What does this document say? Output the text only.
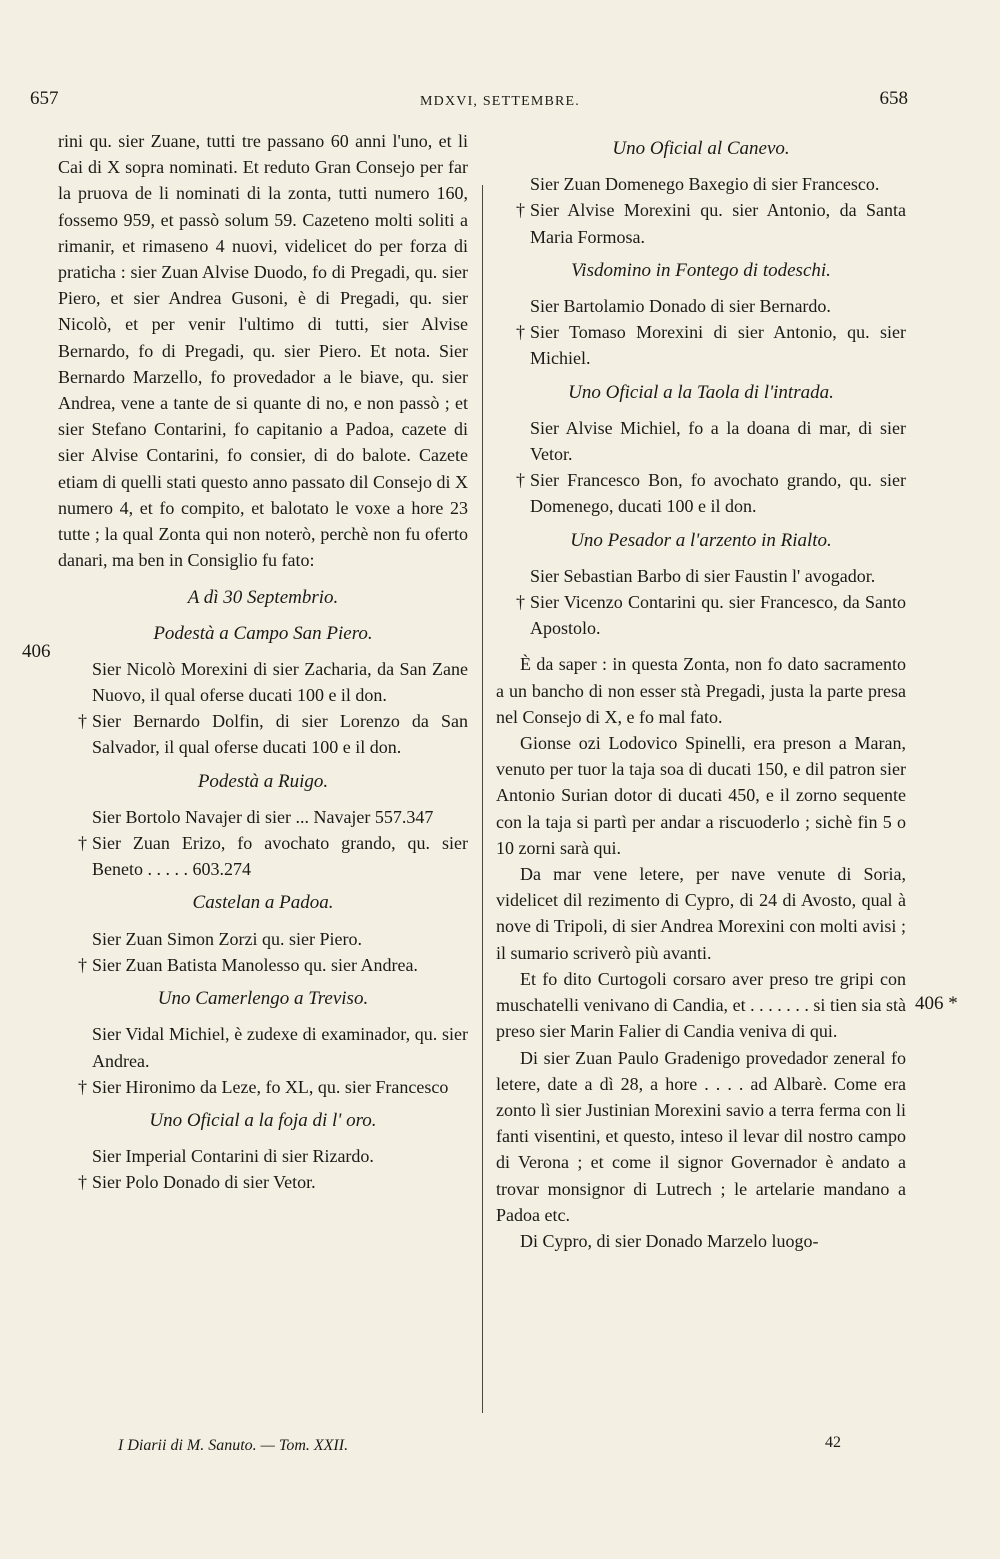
657	MDXVI, SETTEMBRE.	658
406
406 *

rini qu. sier Zuane, tutti tre passano 60 anni l'uno, et li Cai di X sopra nominati. Et reduto Gran Consejo per far la pruova de li nominati di la zonta, tutti numero 160, fossemo 959, et passò solum 59. Cazeteno molti soliti a rimanir, et rimaseno 4 nuovi, videlicet do per forza di praticha : sier Zuan Alvise Duodo, fo di Pregadi, qu. sier Piero, et sier Andrea Gusoni, è di Pregadi, qu. sier Nicolò, et per venir l'ultimo di tutti, sier Alvise Bernardo, fo di Pregadi, qu. sier Piero. Et nota. Sier Bernardo Marzello, fo provedador a le biave, qu. sier Andrea, vene a tante de si quante di no, e non passò ; et sier Stefano Contarini, fo capitanio a Padoa, cazete di sier Alvise Contarini, fo consier, di do balote. Cazete etiam di quelli stati questo anno passato dil Consejo di X numero 4, et fo compito, et balotato le voxe a hore 23 tutte ; la qual Zonta qui non noterò, perchè non fu oferto danari, ma ben in Consiglio fu fato:

A dì 30 Septembrio.
Podestà a Campo San Piero.

Sier Nicolò Morexini di sier Zacharia, da San Zane Nuovo, il qual oferse ducati 100 e il don.

† Sier Bernardo Dolfin, di sier Lorenzo da San Salvador, il qual oferse ducati 100 e il don.

Podestà a Ruigo.

Sier Bortolo Navajer di sier ... Navajer 557.347

† Sier Zuan Erizo, fo avochato grando, qu. sier Beneto . . . . . 603.274

Castelan a Padoa.

Sier Zuan Simon Zorzi qu. sier Piero.

† Sier Zuan Batista Manolesso qu. sier Andrea.

Uno Camerlengo a Treviso.

Sier Vidal Michiel, è zudexe di examinador, qu. sier Andrea.

† Sier Hironimo da Leze, fo XL, qu. sier Francesco

Uno Oficial a la foja di l' oro.

Sier Imperial Contarini di sier Rizardo.

† Sier Polo Donado di sier Vetor.

Uno Oficial al Canevo.

Sier Zuan Domenego Baxegio di sier Francesco.

† Sier Alvise Morexini qu. sier Antonio, da Santa Maria Formosa.

Visdomino in Fontego di todeschi.

Sier Bartolamio Donado di sier Bernardo.

† Sier Tomaso Morexini di sier Antonio, qu. sier Michiel.

Uno Oficial a la Taola di l'intrada.

Sier Alvise Michiel, fo a la doana di mar, di sier Vetor.

† Sier Francesco Bon, fo avochato grando, qu. sier Domenego, ducati 100 e il don.

Uno Pesador a l'arzento in Rialto.

Sier Sebastian Barbo di sier Faustin l' avogador.

† Sier Vicenzo Contarini qu. sier Francesco, da Santo Apostolo.

È da saper : in questa Zonta, non fo dato sacramento a un bancho di non esser stà Pregadi, justa la parte presa nel Consejo di X, e fo mal fato.

Gionse ozi Lodovico Spinelli, era preson a Maran, venuto per tuor la taja soa di ducati 150, e dil patron sier Antonio Surian dotor di ducati 450, e il zorno sequente con la taja si partì per andar a riscuoderlo ; sichè fin 5 o 10 zorni sarà qui.

Da mar vene letere, per nave venute di Soria, videlicet dil rezimento di Cypro, di 24 di Avosto, qual à nove di Tripoli, di sier Andrea Morexini con molti avisi ; il sumario scriverò più avanti.

Et fo dito Curtogoli corsaro aver preso tre gripi con muschatelli venivano di Candia, et . . . . . . . si tien sia stà preso sier Marin Falier di Candia veniva di qui.

Di sier Zuan Paulo Gradenigo provedador zeneral fo letere, date a dì 28, a hore . . . . ad Albarè. Come era zonto lì sier Justinian Morexini savio a terra ferma con li fanti visentini, et questo, inteso il levar dil nostro campo di Verona ; et come il signor Governador è andato a trovar monsignor di Lutrech ; le artelarie mandano a Padoa etc.

Di Cypro, di sier Donado Marzelo luogo-

I Diarii di M. Sanuto. — Tom. XXII.	42
